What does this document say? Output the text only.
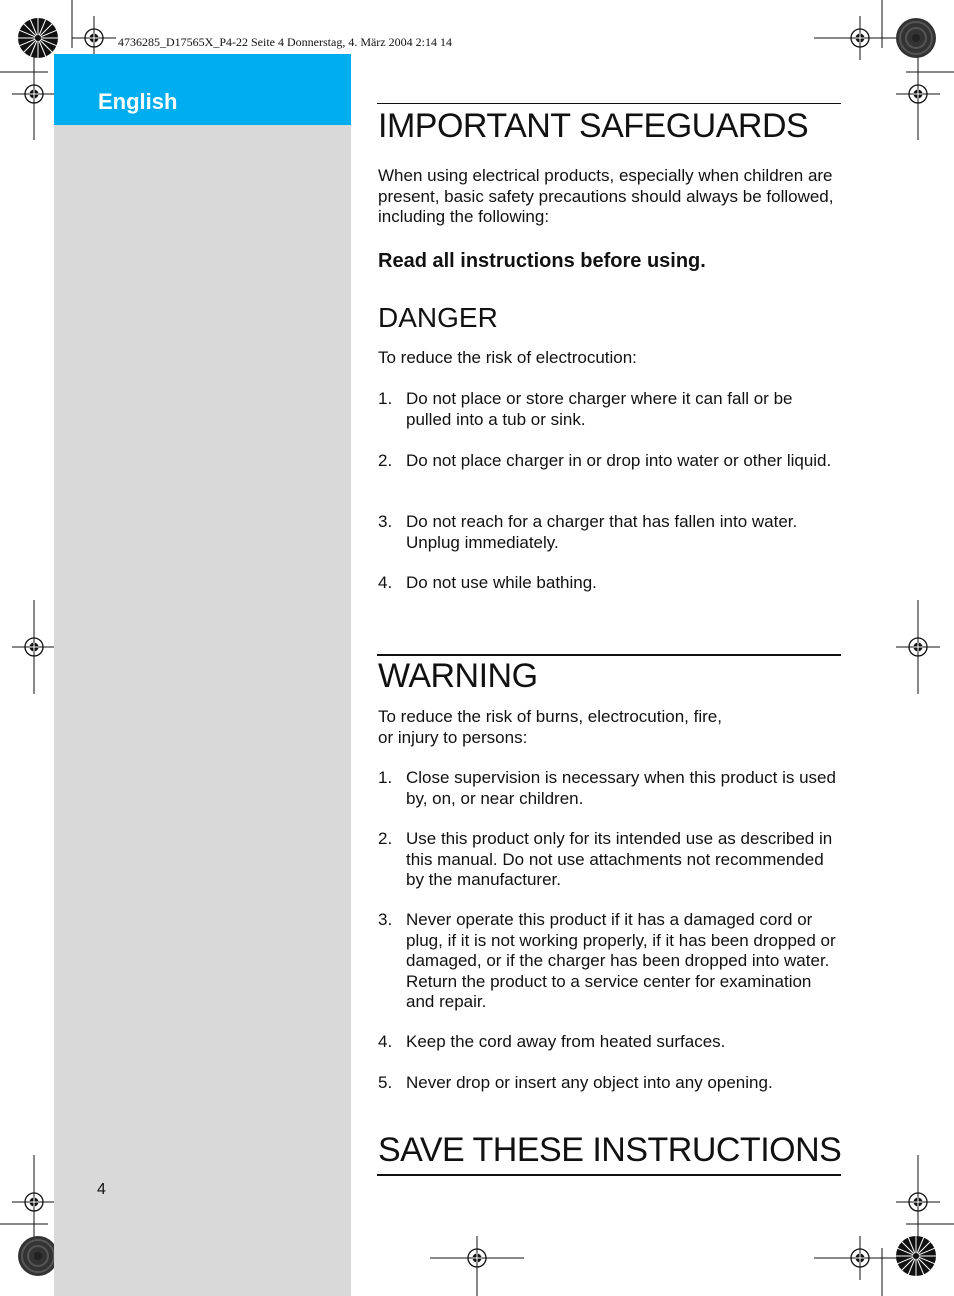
4736285_D17565X_P4-22 Seite 4 Donnerstag, 4. März 2004 2:14 14
English
4
IMPORTANT SAFEGUARDS
When using electrical products, especially when children are present, basic safety precautions should always be followed, including the following:
Read all instructions before using.
DANGER
To reduce the risk of electrocution:
1. Do not place or store charger where it can fall or be pulled into a tub or sink.
2. Do not place charger in or drop into water or other liquid.
3. Do not reach for a charger that has fallen into water. Unplug immediately.
4. Do not use while bathing.
WARNING
To reduce the risk of burns, electrocution, fire,
or injury to persons:
1. Close supervision is necessary when this product is used by, on, or near children.
2. Use this product only for its intended use as described in this manual. Do not use attachments not recommended by the manufacturer.
3. Never operate this product if it has a damaged cord or plug, if it is not working properly, if it has been dropped or damaged, or if the charger has been dropped into water. Return the product to a service center for examination and repair.
4. Keep the cord away from heated surfaces.
5. Never drop or insert any object into any opening.
SAVE THESE INSTRUCTIONS
